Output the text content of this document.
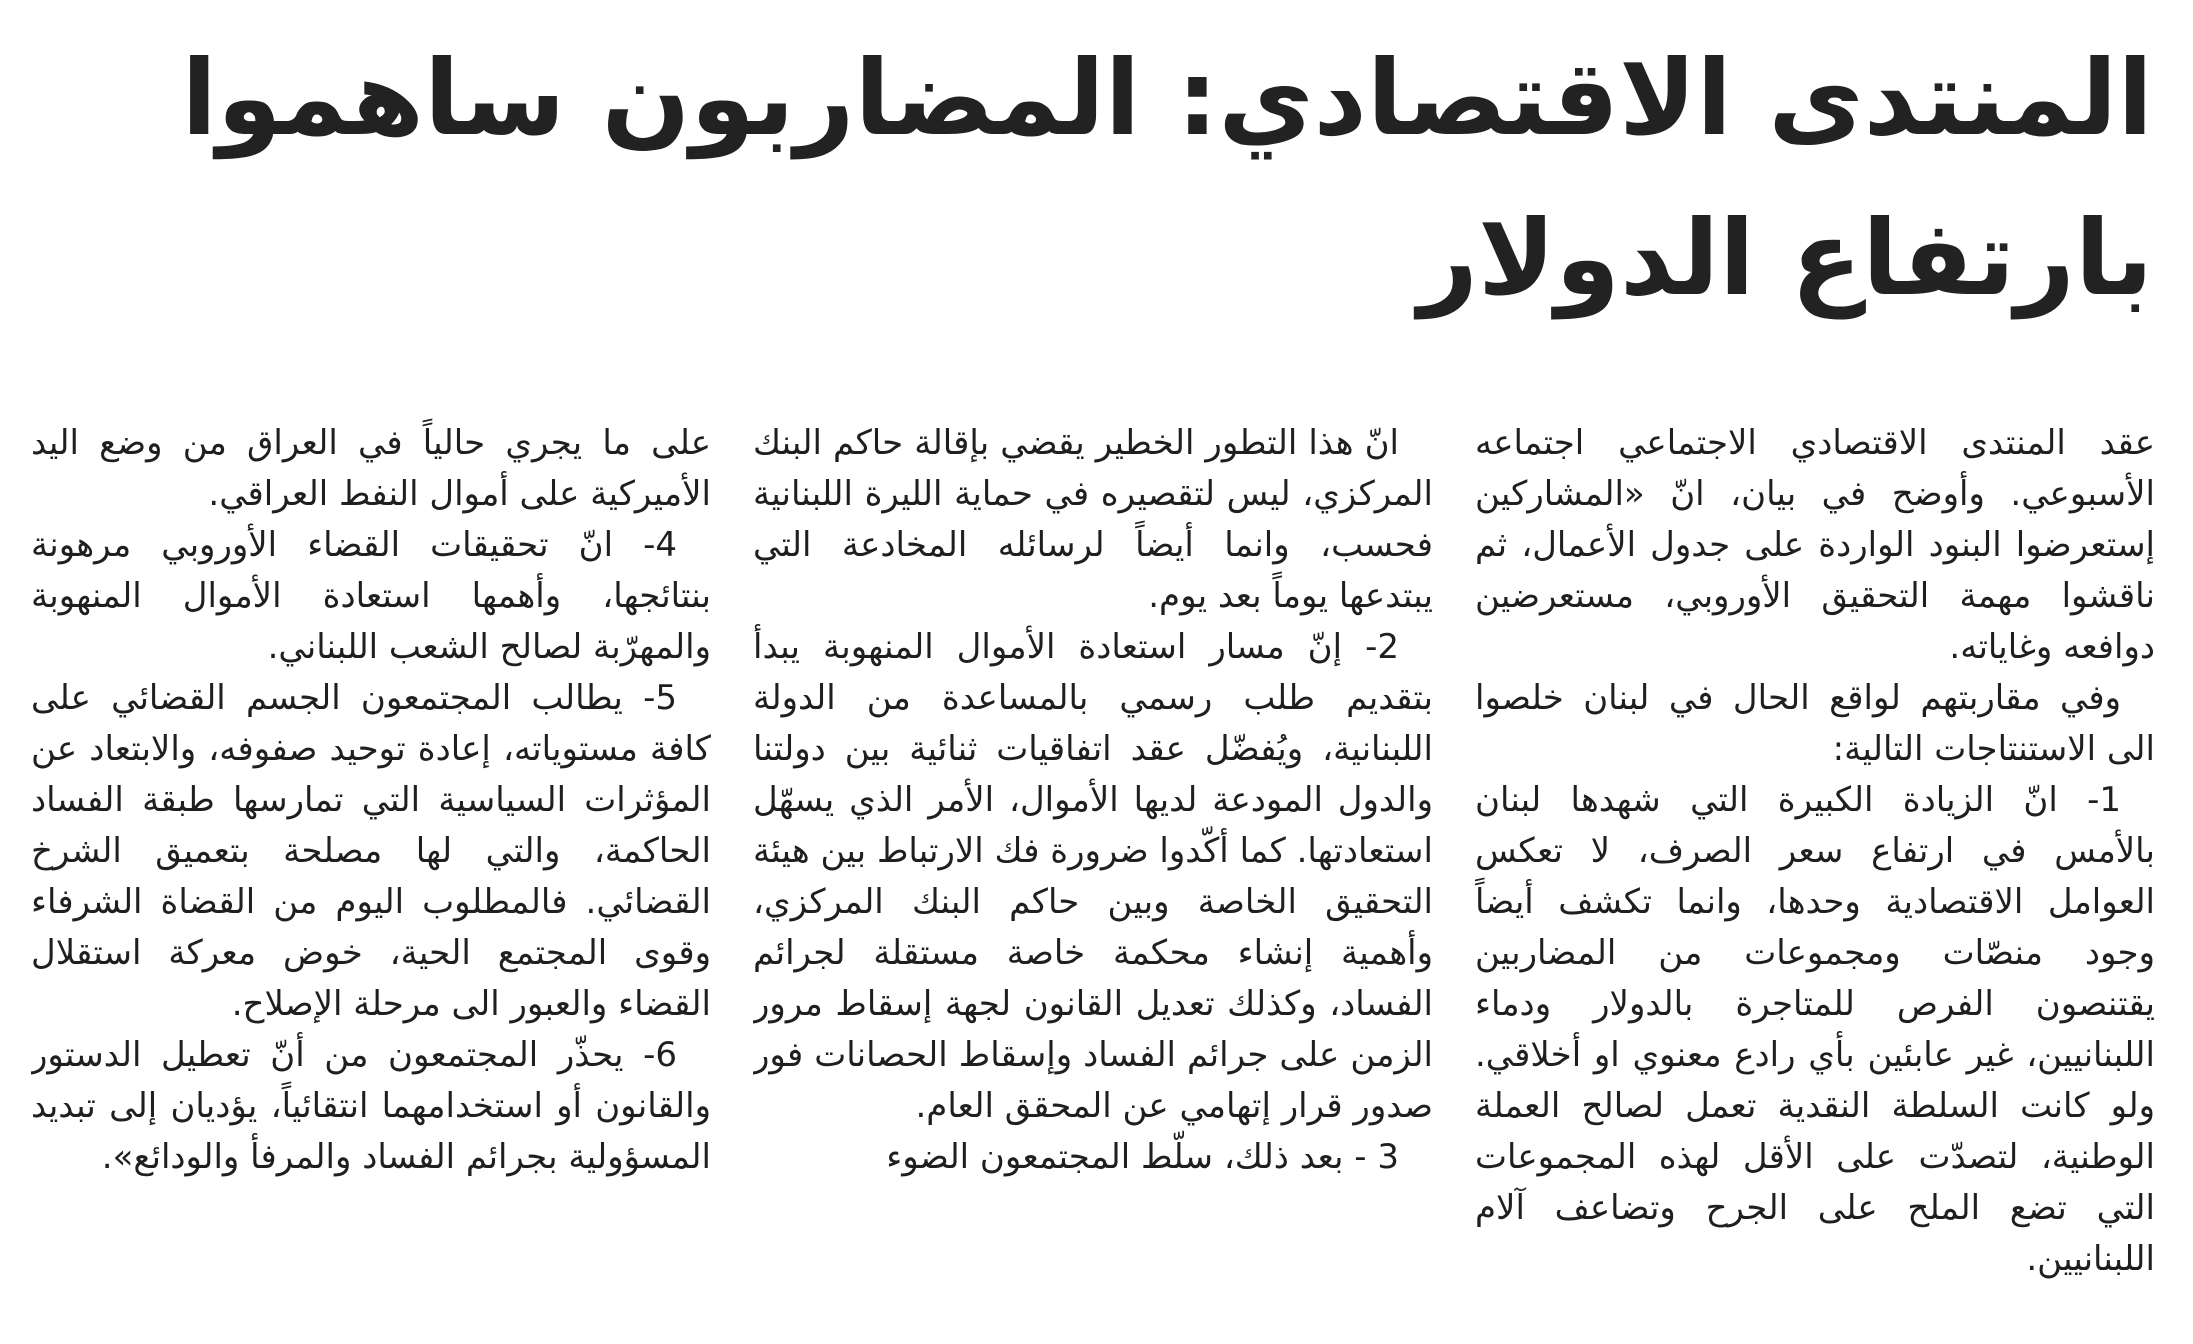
المنتدى الاقتصادي: المضاربون ساهموا بارتفاع الدولار

عقد المنتدى الاقتصادي الاجتماعي اجتماعه الأسبوعي. وأوضح في بيان، انّ «المشاركين إستعرضوا البنود الواردة على جدول الأعمال، ثم ناقشوا مهمة التحقيق الأوروبي، مستعرضين دوافعه وغاياته.

وفي مقاربتهم لواقع الحال في لبنان خلصوا الى الاستنتاجات التالية:

1- انّ الزيادة الكبيرة التي شهدها لبنان بالأمس في ارتفاع سعر الصرف، لا تعكس العوامل الاقتصادية وحدها، وانما تكشف أيضاً وجود منصّات ومجموعات من المضاربين يقتنصون الفرص للمتاجرة بالدولار ودماء اللبنانيين، غير عابئين بأي رادع معنوي او أخلاقي. ولو كانت السلطة النقدية تعمل لصالح العملة الوطنية، لتصدّت على الأقل لهذه المجموعات التي تضع الملح على الجرح وتضاعف آلام اللبنانيين.

انّ هذا التطور الخطير يقضي بإقالة حاكم البنك المركزي، ليس لتقصيره في حماية الليرة اللبنانية فحسب، وانما أيضاً لرسائله المخادعة التي يبتدعها يوماً بعد يوم.

2- إنّ مسار استعادة الأموال المنهوبة يبدأ بتقديم طلب رسمي بالمساعدة من الدولة اللبنانية، ويُفضّل عقد اتفاقيات ثنائية بين دولتنا والدول المودعة لديها الأموال، الأمر الذي يسهّل استعادتها. كما أكّدوا ضرورة فك الارتباط بين هيئة التحقيق الخاصة وبين حاكم البنك المركزي، وأهمية إنشاء محكمة خاصة مستقلة لجرائم الفساد، وكذلك تعديل القانون لجهة إسقاط مرور الزمن على جرائم الفساد وإسقاط الحصانات فور صدور قرار إتهامي عن المحقق العام.

3 - بعد ذلك، سلّط المجتمعون الضوء

على ما يجري حالياً في العراق من وضع اليد الأميركية على أموال النفط العراقي.

4- انّ تحقيقات القضاء الأوروبي مرهونة بنتائجها، وأهمها استعادة الأموال المنهوبة والمهرّبة لصالح الشعب اللبناني.

5- يطالب المجتمعون الجسم القضائي على كافة مستوياته، إعادة توحيد صفوفه، والابتعاد عن المؤثرات السياسية التي تمارسها طبقة الفساد الحاكمة، والتي لها مصلحة بتعميق الشرخ القضائي. فالمطلوب اليوم من القضاة الشرفاء وقوى المجتمع الحية، خوض معركة استقلال القضاء والعبور الى مرحلة الإصلاح.

6- يحذّر المجتمعون من أنّ تعطيل الدستور والقانون أو استخدامهما انتقائياً، يؤديان إلى تبديد المسؤولية بجرائم الفساد والمرفأ والودائع».
